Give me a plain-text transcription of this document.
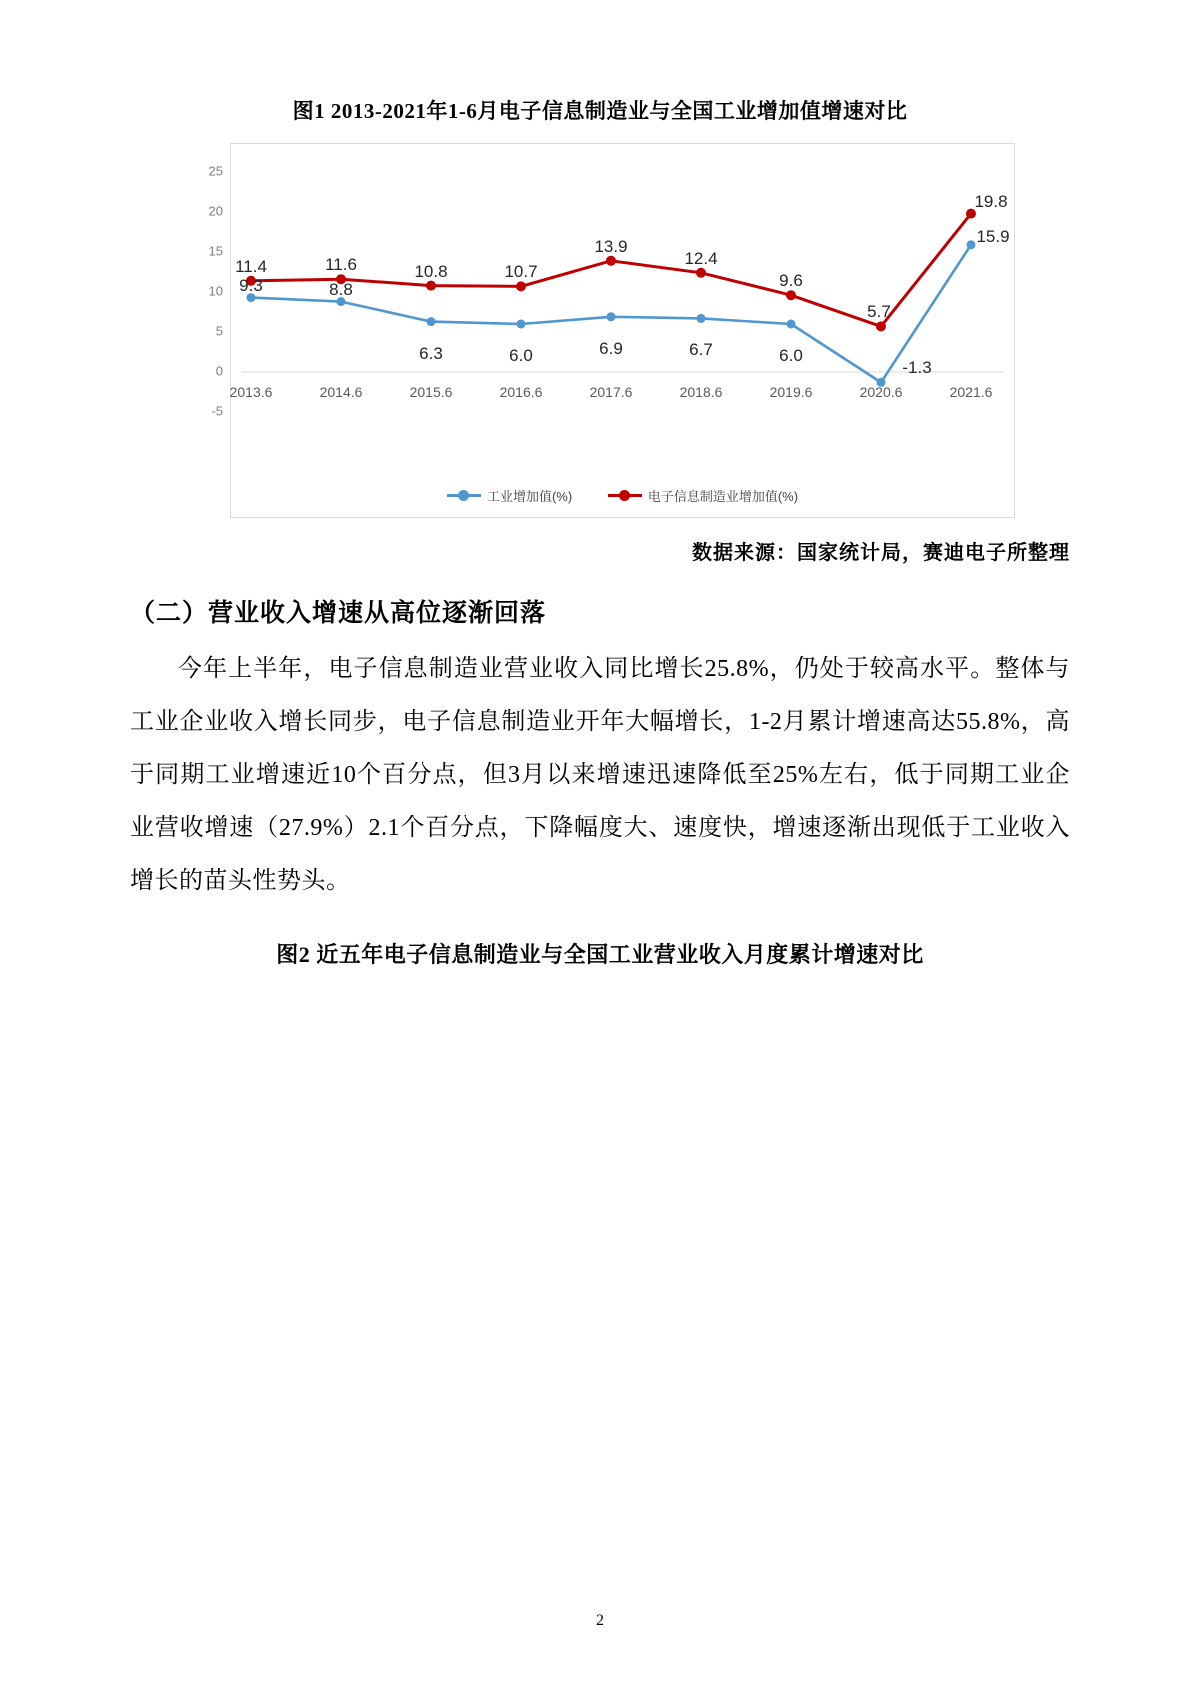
图1 2013-2021年1-6月电子信息制造业与全国工业增加值增速对比
2013.6	2014.6	2015.6	2016.6	2017.6	2018.6	2019.6	2020.6	2021.6
9.3	8.8
6.3	6.0	6.9	6.7	6.0
-1.3
15.9
11.4	11.6	10.8	10.7
13.9
12.4
9.6
5.7
19.8
工业增加值(%)	电子信息制造业增加值(%)
25
20
15
10
5
0
-5
数据来源：国家统计局，赛迪电子所整理
（二）营业收入增速从高位逐渐回落

今年上半年，电子信息制造业营业收入同比增长25.8%，仍处于较高水平。整体与工业企业收入增长同步，电子信息制造业开年大幅增长，1-2月累计增速高达55.8%，高于同期工业增速近10个百分点，但3月以来增速迅速降低至25%左右，低于同期工业企业营收增速（27.9%）2.1个百分点，下降幅度大、速度快，增速逐渐出现低于工业收入增长的苗头性势头。

图2 近五年电子信息制造业与全国工业营业收入月度累计增速对比
2
